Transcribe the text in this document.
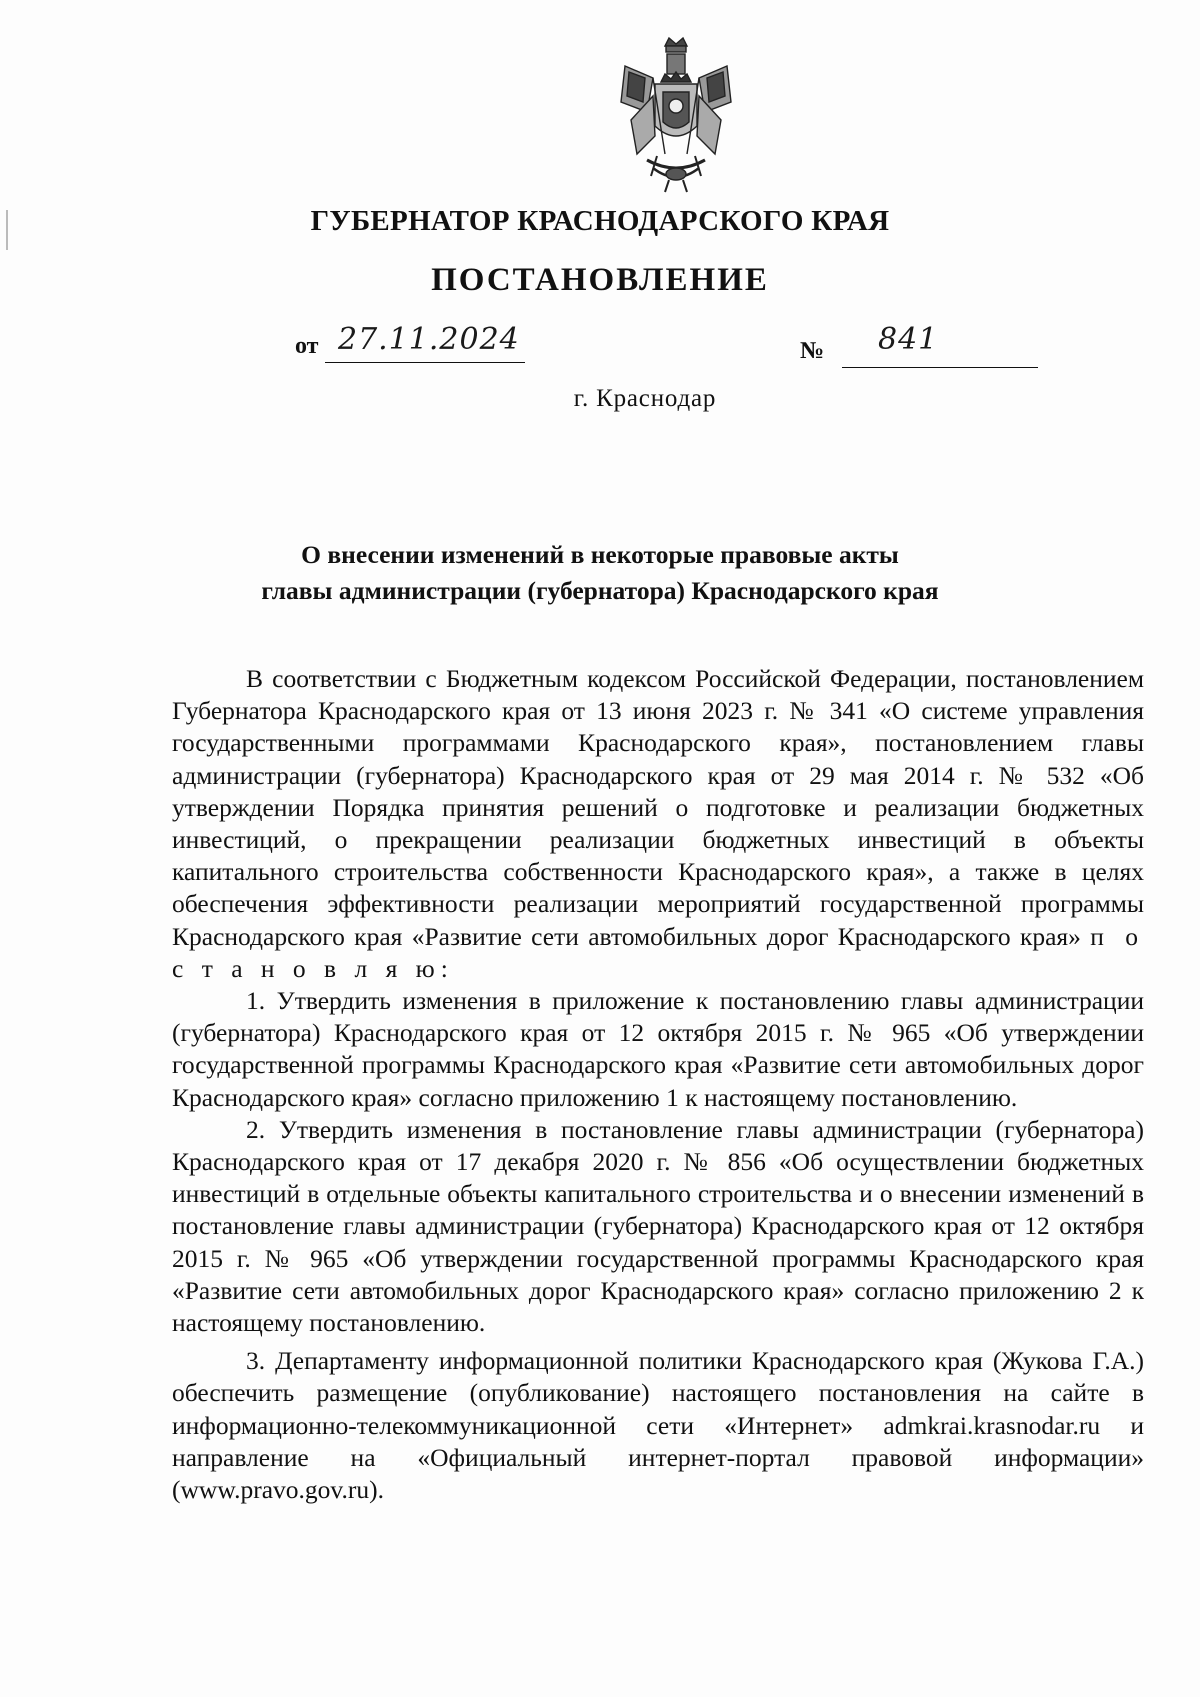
ГУБЕРНАТОР КРАСНОДАРСКОГО КРАЯ
ПОСТАНОВЛЕНИЕ
от 27.11.2024	№ 841
г. Краснодар
О внесении изменений в некоторые правовые акты
главы администрации (губернатора) Краснодарского края

В соответствии с Бюджетным кодексом Российской Федерации, постановлением Губернатора Краснодарского края от 13 июня 2023 г. № 341 «О системе управления государственными программами Краснодарского края», постановлением главы администрации (губернатора) Краснодарского края от 29 мая 2014 г. № 532 «Об утверждении Порядка принятия решений о подготовке и реализации бюджетных инвестиций, о прекращении реализации бюджетных инвестиций в объекты капитального строительства собственности Краснодарского края», а также в целях обеспечения эффективности реализации мероприятий государственной программы Краснодарского края «Развитие сети автомобильных дорог Краснодарского края» п о с т а н о в л я ю:

1. Утвердить изменения в приложение к постановлению главы администрации (губернатора) Краснодарского края от 12 октября 2015 г. № 965 «Об утверждении государственной программы Краснодарского края «Развитие сети автомобильных дорог Краснодарского края» согласно приложению 1 к настоящему постановлению.

2. Утвердить изменения в постановление главы администрации (губернатора) Краснодарского края от 17 декабря 2020 г. № 856 «Об осуществлении бюджетных инвестиций в отдельные объекты капитального строительства и о внесении изменений в постановление главы администрации (губернатора) Краснодарского края от 12 октября 2015 г. № 965 «Об утверждении государственной программы Краснодарского края «Развитие сети автомобильных дорог Краснодарского края» согласно приложению 2 к настоящему постановлению.

3. Департаменту информационной политики Краснодарского края (Жукова Г.А.) обеспечить размещение (опубликование) настоящего постановления на сайте в информационно-телекоммуникационной сети «Интернет» admkrai.krasnodar.ru и направление на «Официальный интернет-портал правовой информации» (www.pravo.gov.ru).
